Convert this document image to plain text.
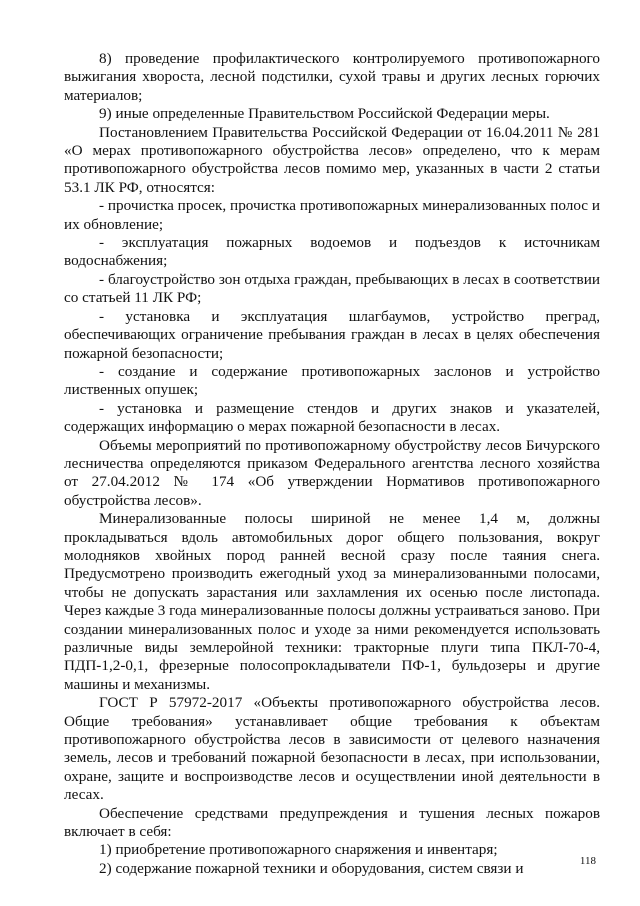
8) проведение профилактического контролируемого противопожарного выжигания хвороста, лесной подстилки, сухой травы и других лесных горючих материалов;

9) иные определенные Правительством Российской Федерации меры.

Постановлением Правительства Российской Федерации от 16.04.2011 № 281 «О мерах противопожарного обустройства лесов» определено, что к мерам противопожарного обустройства лесов помимо мер, указанных в части 2 статьи 53.1 ЛК РФ, относятся:

- прочистка просек, прочистка противопожарных минерализованных полос и их обновление;

- эксплуатация пожарных водоемов и подъездов к источникам водоснабжения;

- благоустройство зон отдыха граждан, пребывающих в лесах в соответствии со статьей 11 ЛК РФ;

- установка и эксплуатация шлагбаумов, устройство преград, обеспечивающих ограничение пребывания граждан в лесах в целях обеспечения пожарной безопасности;

- создание и содержание противопожарных заслонов и устройство лиственных опушек;

- установка и размещение стендов и других знаков и указателей, содержащих информацию о мерах пожарной безопасности в лесах.

Объемы мероприятий по противопожарному обустройству лесов Бичурского лесничества определяются приказом Федерального агентства лесного хозяйства от 27.04.2012 № 174 «Об утверждении Нормативов противопожарного обустройства лесов».

Минерализованные полосы шириной не менее 1,4 м, должны прокладываться вдоль автомобильных дорог общего пользования, вокруг молодняков хвойных пород ранней весной сразу после таяния снега. Предусмотрено производить ежегодный уход за минерализованными полосами, чтобы не допускать зарастания или захламления их осенью после листопада. Через каждые 3 года минерализованные полосы должны устраиваться заново. При создании минерализованных полос и уходе за ними рекомендуется использовать различные виды землеройной техники: тракторные плуги типа ПКЛ-70-4, ПДП-1,2-0,1, фрезерные полосопрокладыватели ПФ-1, бульдозеры и другие машины и механизмы.

ГОСТ Р 57972-2017 «Объекты противопожарного обустройства лесов. Общие требования» устанавливает общие требования к объектам противопожарного обустройства лесов в зависимости от целевого назначения земель, лесов и требований пожарной безопасности в лесах, при использовании, охране, защите и воспроизводстве лесов и осуществлении иной деятельности в лесах.

Обеспечение средствами предупреждения и тушения лесных пожаров включает в себя:

1) приобретение противопожарного снаряжения и инвентаря;

2) содержание пожарной техники и оборудования, систем связи и	118
